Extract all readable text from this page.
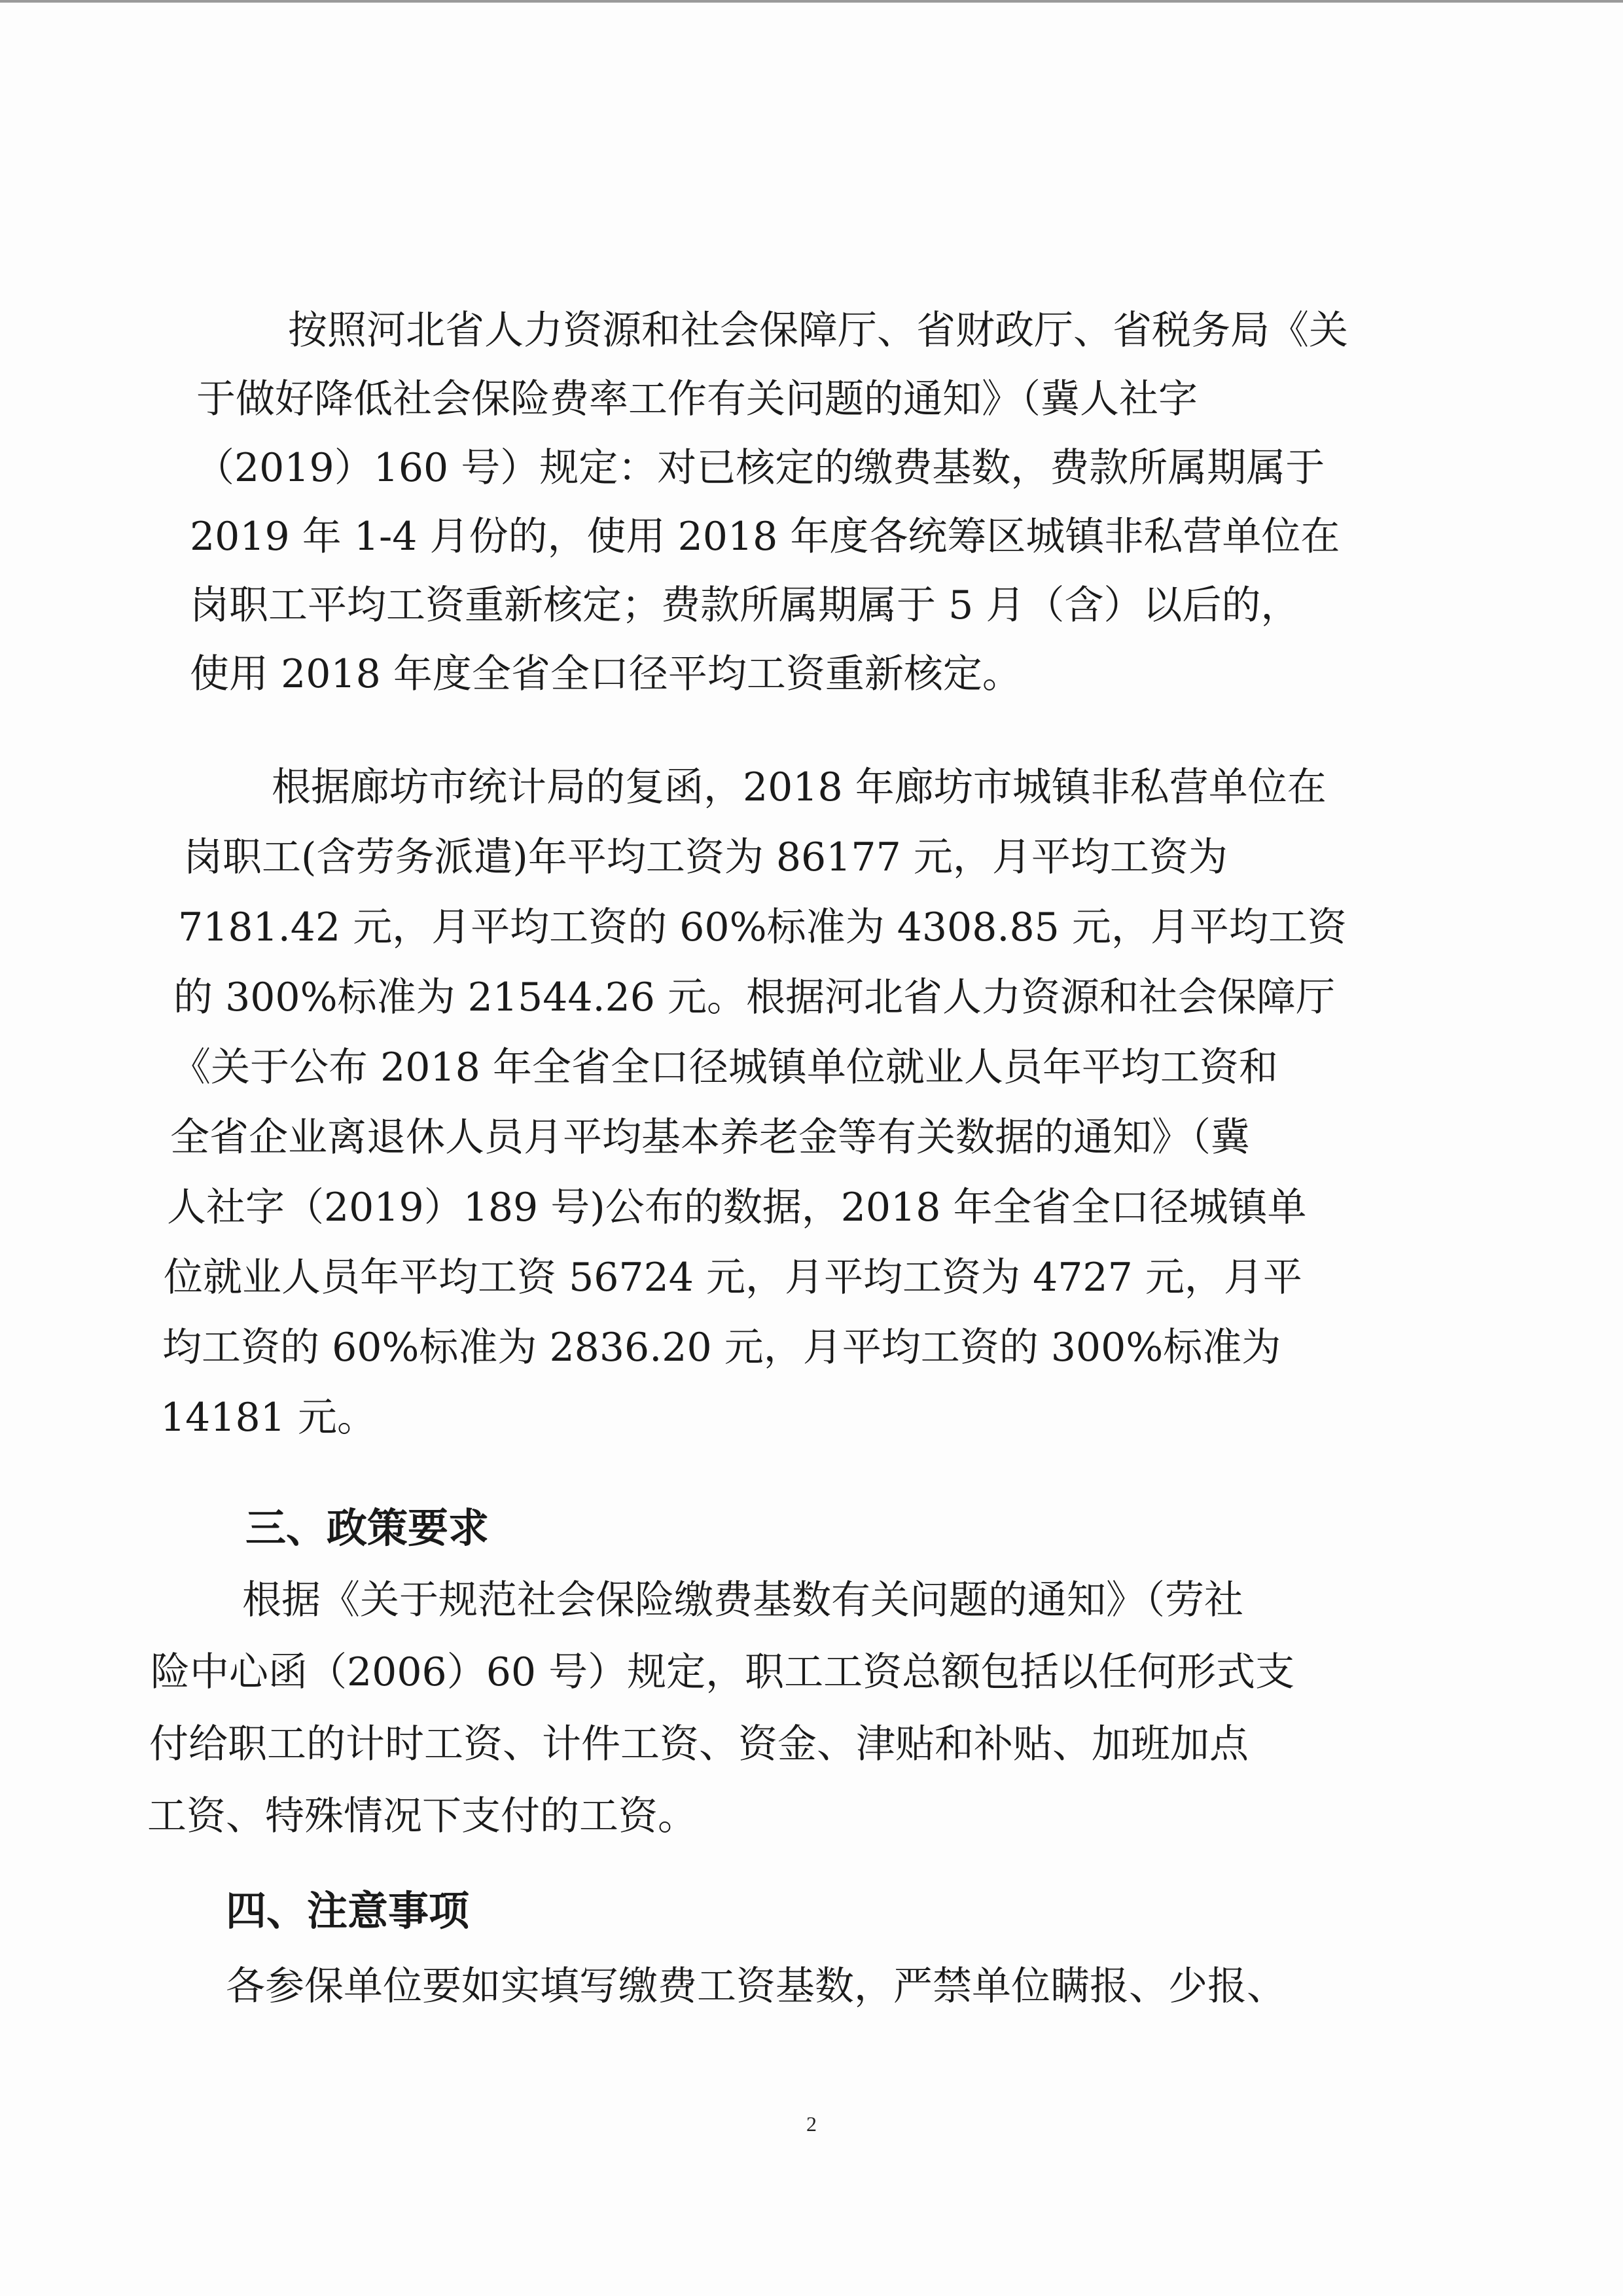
按照河北省人力资源和社会保障厅、省财政厅、省税务局《关
于做好降低社会保险费率工作有关问题的通知》（冀人社字
（2019）160 号）规定：对已核定的缴费基数，费款所属期属于
2019 年 1-4 月份的，使用 2018 年度各统筹区城镇非私营单位在
岗职工平均工资重新核定；费款所属期属于 5 月（含）以后的，
使用 2018 年度全省全口径平均工资重新核定。
根据廊坊市统计局的复函，2018 年廊坊市城镇非私营单位在
岗职工(含劳务派遣)年平均工资为 86177 元，月平均工资为
7181.42 元，月平均工资的 60%标准为 4308.85 元，月平均工资
的 300%标准为 21544.26 元。根据河北省人力资源和社会保障厅
《关于公布 2018 年全省全口径城镇单位就业人员年平均工资和
全省企业离退休人员月平均基本养老金等有关数据的通知》（冀
人社字（2019）189 号)公布的数据，2018 年全省全口径城镇单
位就业人员年平均工资 56724 元，月平均工资为 4727 元，月平
均工资的 60%标准为 2836.20 元，月平均工资的 300%标准为
14181 元。
三、政策要求
根据《关于规范社会保险缴费基数有关问题的通知》（劳社
险中心函（2006）60 号）规定，职工工资总额包括以任何形式支
付给职工的计时工资、计件工资、资金、津贴和补贴、加班加点
工资、特殊情况下支付的工资。
四、注意事项
各参保单位要如实填写缴费工资基数，严禁单位瞒报、少报、
2
